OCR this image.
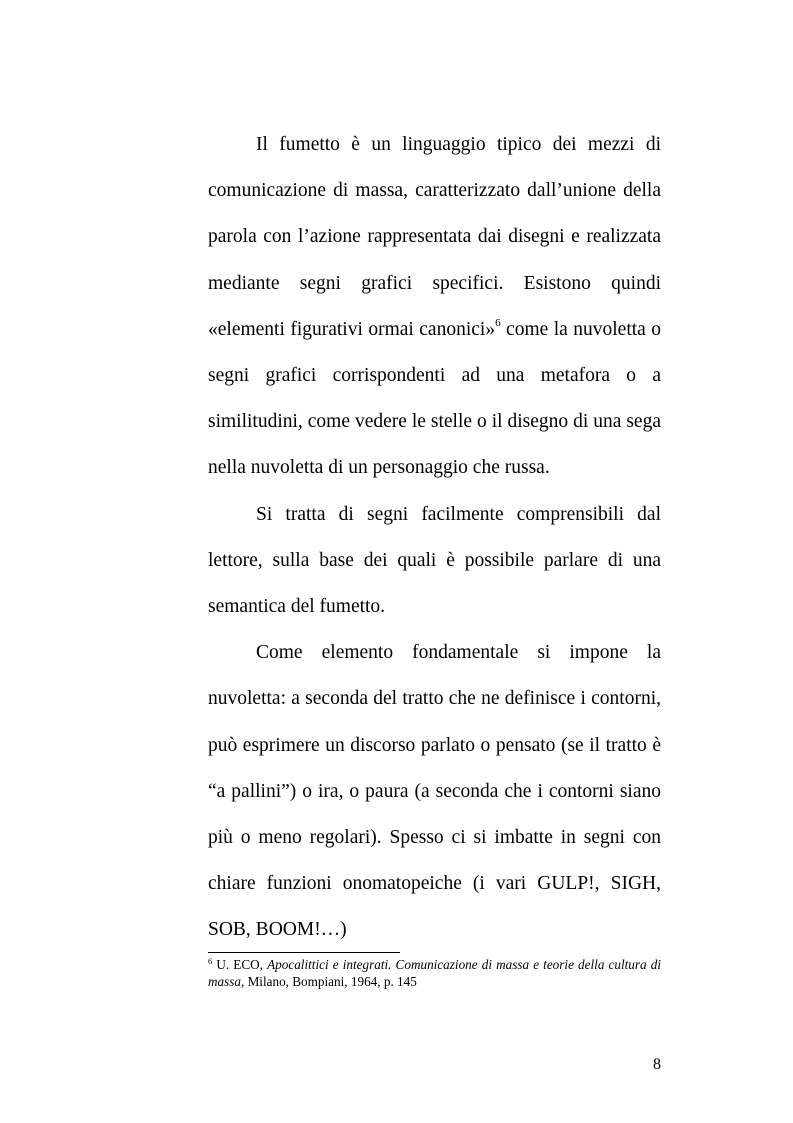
Il fumetto è un linguaggio tipico dei mezzi di comunicazione di massa, caratterizzato dall’unione della parola con l’azione rappresentata dai disegni e realizzata mediante segni grafici specifici. Esistono quindi «elementi figurativi ormai canonici»$^6$ come la nuvoletta o segni grafici corrispondenti ad una metafora o a similitudini, come vedere le stelle o il disegno di una sega nella nuvoletta di un personaggio che russa.

Si tratta di segni facilmente comprensibili dal lettore, sulla base dei quali è possibile parlare di una semantica del fumetto.

Come elemento fondamentale si impone la nuvoletta: a seconda del tratto che ne definisce i contorni, può esprimere un discorso parlato o pensato (se il tratto è “a pallini”) o ira, o paura (a seconda che i contorni siano più o meno regolari). Spesso ci si imbatte in segni con chiare funzioni onomatopeiche (i vari GULP!, SIGH, SOB, BOOM!…)

$^6$ U. ECO, Apocalittici e integrati. Comunicazione di massa e teorie della cultura di massa, Milano, Bompiani, 1964, p. 145
8
